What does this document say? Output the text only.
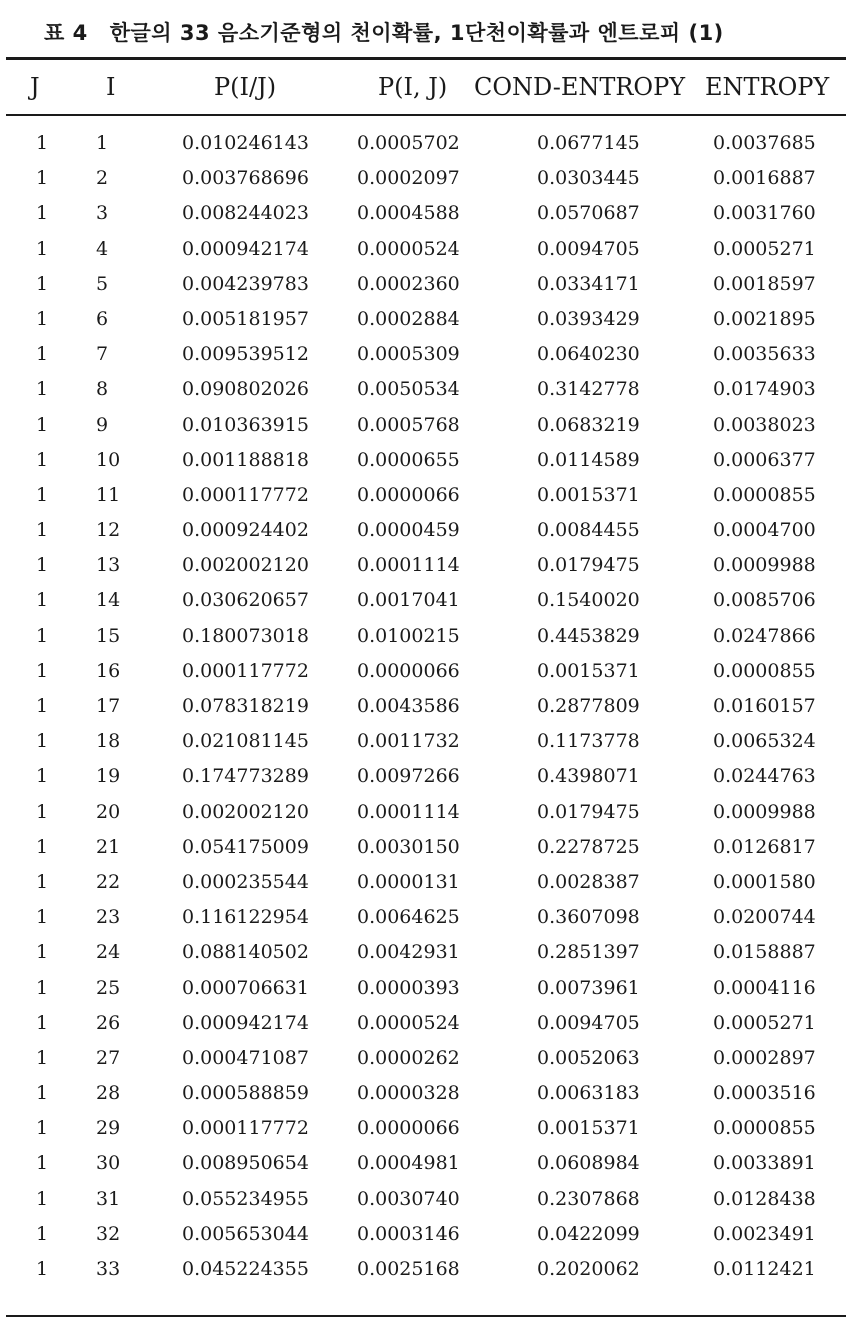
표 4 한글의 33 음소기준형의 천이확률, 1단천이확률과 엔트로피 (1)
J	I	P(I/J)	P(I, J)	COND-ENTROPY ENTROPY
1	1	0.010246143	0.0005702	0.0677145	0.0037685
1	2	0.003768696	0.0002097	0.0303445	0.0016887
1	3	0.008244023	0.0004588	0.0570687	0.0031760
1	4	0.000942174	0.0000524	0.0094705	0.0005271
1	5	0.004239783	0.0002360	0.0334171	0.0018597
1	6	0.005181957	0.0002884	0.0393429	0.0021895
1	7	0.009539512	0.0005309	0.0640230	0.0035633
1	8	0.090802026	0.0050534	0.3142778	0.0174903
1	9	0.010363915	0.0005768	0.0683219	0.0038023
1	10	0.001188818	0.0000655	0.0114589	0.0006377
1	11	0.000117772	0.0000066	0.0015371	0.0000855
1	12	0.000924402	0.0000459	0.0084455	0.0004700
1	13	0.002002120	0.0001114	0.0179475	0.0009988
1	14	0.030620657	0.0017041	0.1540020	0.0085706
1	15	0.180073018	0.0100215	0.4453829	0.0247866
1	16	0.000117772	0.0000066	0.0015371	0.0000855
1	17	0.078318219	0.0043586	0.2877809	0.0160157
1	18	0.021081145	0.0011732	0.1173778	0.0065324
1	19	0.174773289	0.0097266	0.4398071	0.0244763
1	20	0.002002120	0.0001114	0.0179475	0.0009988
1	21	0.054175009	0.0030150	0.2278725	0.0126817
1	22	0.000235544	0.0000131	0.0028387	0.0001580
1	23	0.116122954	0.0064625	0.3607098	0.0200744
1	24	0.088140502	0.0042931	0.2851397	0.0158887
1	25	0.000706631	0.0000393	0.0073961	0.0004116
1	26	0.000942174	0.0000524	0.0094705	0.0005271
1	27	0.000471087	0.0000262	0.0052063	0.0002897
1	28	0.000588859	0.0000328	0.0063183	0.0003516
1	29	0.000117772	0.0000066	0.0015371	0.0000855
1	30	0.008950654	0.0004981	0.0608984	0.0033891
1	31	0.055234955	0.0030740	0.2307868	0.0128438
1	32	0.005653044	0.0003146	0.0422099	0.0023491
1	33	0.045224355	0.0025168	0.2020062	0.0112421
